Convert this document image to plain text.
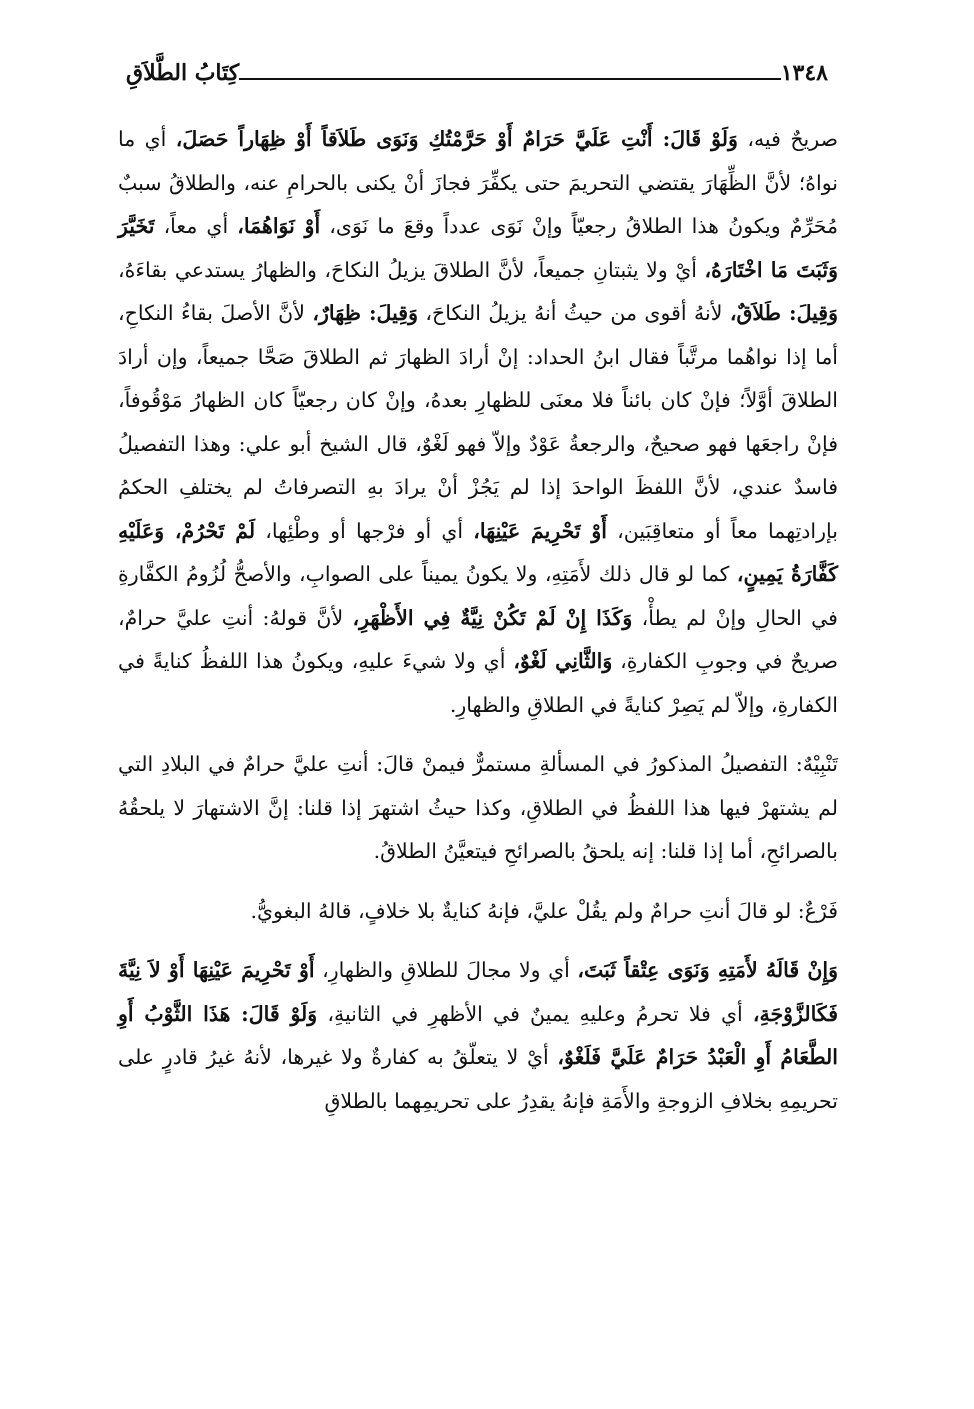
كِتَابُ الطَّلاَقِ	١٣٤٨

صريحٌ فيه، وَلَوْ قَالَ: أَنْتِ عَلَيَّ حَرَامٌ أَوْ حَرَّمْتُكِ وَنَوَى طَلاَقاً أَوْ ظِهَاراً حَصَلَ، أي ما نواهُ؛ لأنَّ الظِّهَارَ يقتضي التحريمَ حتى يكفِّرَ فجازَ أنْ يكنى بالحرامِ عنه، والطلاقُ سببٌ مُحَرِّمٌ ويكونُ هذا الطلاقُ رجعيّاً وإنْ نَوَى عدداً وقعَ ما نَوَى، أَوْ نَوَاهُمَا، أي معاً، تَخَيَّرَ وَثَبَتَ مَا اخْتَارَهُ، أيْ ولا يثبتانِ جميعاً، لأنَّ الطلاقَ يزيلُ النكاحَ، والظهارُ يستدعي بقاءَهُ، وَقِيلَ: طَلاَقٌ، لأنهُ أقوى من حيثُ أنهُ يزيلُ النكاحَ، وَقِيلَ: ظِهَارٌ، لأنَّ الأصلَ بقاءُ النكاحِ، أما إذا نواهُما مرتَّباً فقال ابنُ الحداد: إنْ أرادَ الظهارَ ثم الطلاقَ صَحَّا جميعاً، وإن أرادَ الطلاقَ أوَّلاً؛ فإنْ كان بائناً فلا معنَى للظهارِ بعدهُ، وإنْ كان رجعيّاً كان الظهارُ مَوْقُوفاً، فإنْ راجعَها فهو صحيحٌ، والرجعةُ عَوْدٌ وإلاّ فهو لَغْوٌ، قال الشيخ أبو علي: وهذا التفصيلُ فاسدٌ عندي، لأنَّ اللفظَ الواحدَ إذا لم يَجُزْ أنْ يرادَ بهِ التصرفاتُ لم يختلفِ الحكمُ بإرادتِهما معاً أو متعاقِبَين، أَوْ تَحْرِيمَ عَيْنِهَا، أي أو فرْجها أو وطْئِها، لَمْ تَحْرُمْ، وَعَلَيْهِ كَفَّارَةُ يَمِينٍ، كما لو قال ذلك لأَمَتِهِ، ولا يكونُ يميناً على الصوابِ، والأصحُّ لُزُومُ الكفَّارةِ في الحالِ وإنْ لم يطأْ، وَكَذَا إِنْ لَمْ تَكُنْ نِيَّةٌ فِي الأَظْهَرِ، لأنَّ قولهُ: أنتِ عليَّ حرامٌ، صريحٌ في وجوبِ الكفارةِ، وَالثَّانِي لَغْوٌ، أي ولا شيءَ عليهِ، ويكونُ هذا اللفظُ كنايةً في الكفارةِ، وإلاّ لم يَصِرْ كنايةً في الطلاقِ والظهارِ.

تَنْبِيْهٌ: التفصيلُ المذكورُ في المسألةِ مستمرٌّ فيمنْ قالَ: أنتِ عليَّ حرامٌ في البلادِ التي لم يشتهرْ فيها هذا اللفظُ في الطلاقِ، وكذا حيثُ اشتهرَ إذا قلنا: إنَّ الاشتهارَ لا يلحقُهُ بالصرائحِ، أما إذا قلنا: إنه يلحقُ بالصرائحِ فيتعيَّنُ الطلاقُ.

فَرْعٌ: لو قالَ أنتِ حرامٌ ولم يقُلْ عليَّ، فإنهُ كنايةٌ بلا خلافٍ، قالهُ البغويُّ.

وَإِنْ قَالَهُ لأَمَتِهِ وَنَوَى عِتْقاً ثَبَتَ، أي ولا مجالَ للطلاقِ والظهارِ، أَوْ تَحْرِيمَ عَيْنِهَا أَوْ لاَ نِيَّةَ فَكَالزَّوْجَةِ، أي فلا تحرمُ وعليهِ يمينٌ في الأظهرِ في الثانيةِ، وَلَوْ قَالَ: هَذَا الثَّوْبُ أَوِ الطَّعَامُ أَوِ الْعَبْدُ حَرَامٌ عَلَيَّ فَلَغْوٌ، أيْ لا يتعلّقُ به كفارةٌ ولا غيرها، لأنهُ غيرُ قادرٍ على تحريمِهِ بخلافِ الزوجةِ والأَمَةِ فإنهُ يقدِرُ على تحريمِهما بالطلاقِ
